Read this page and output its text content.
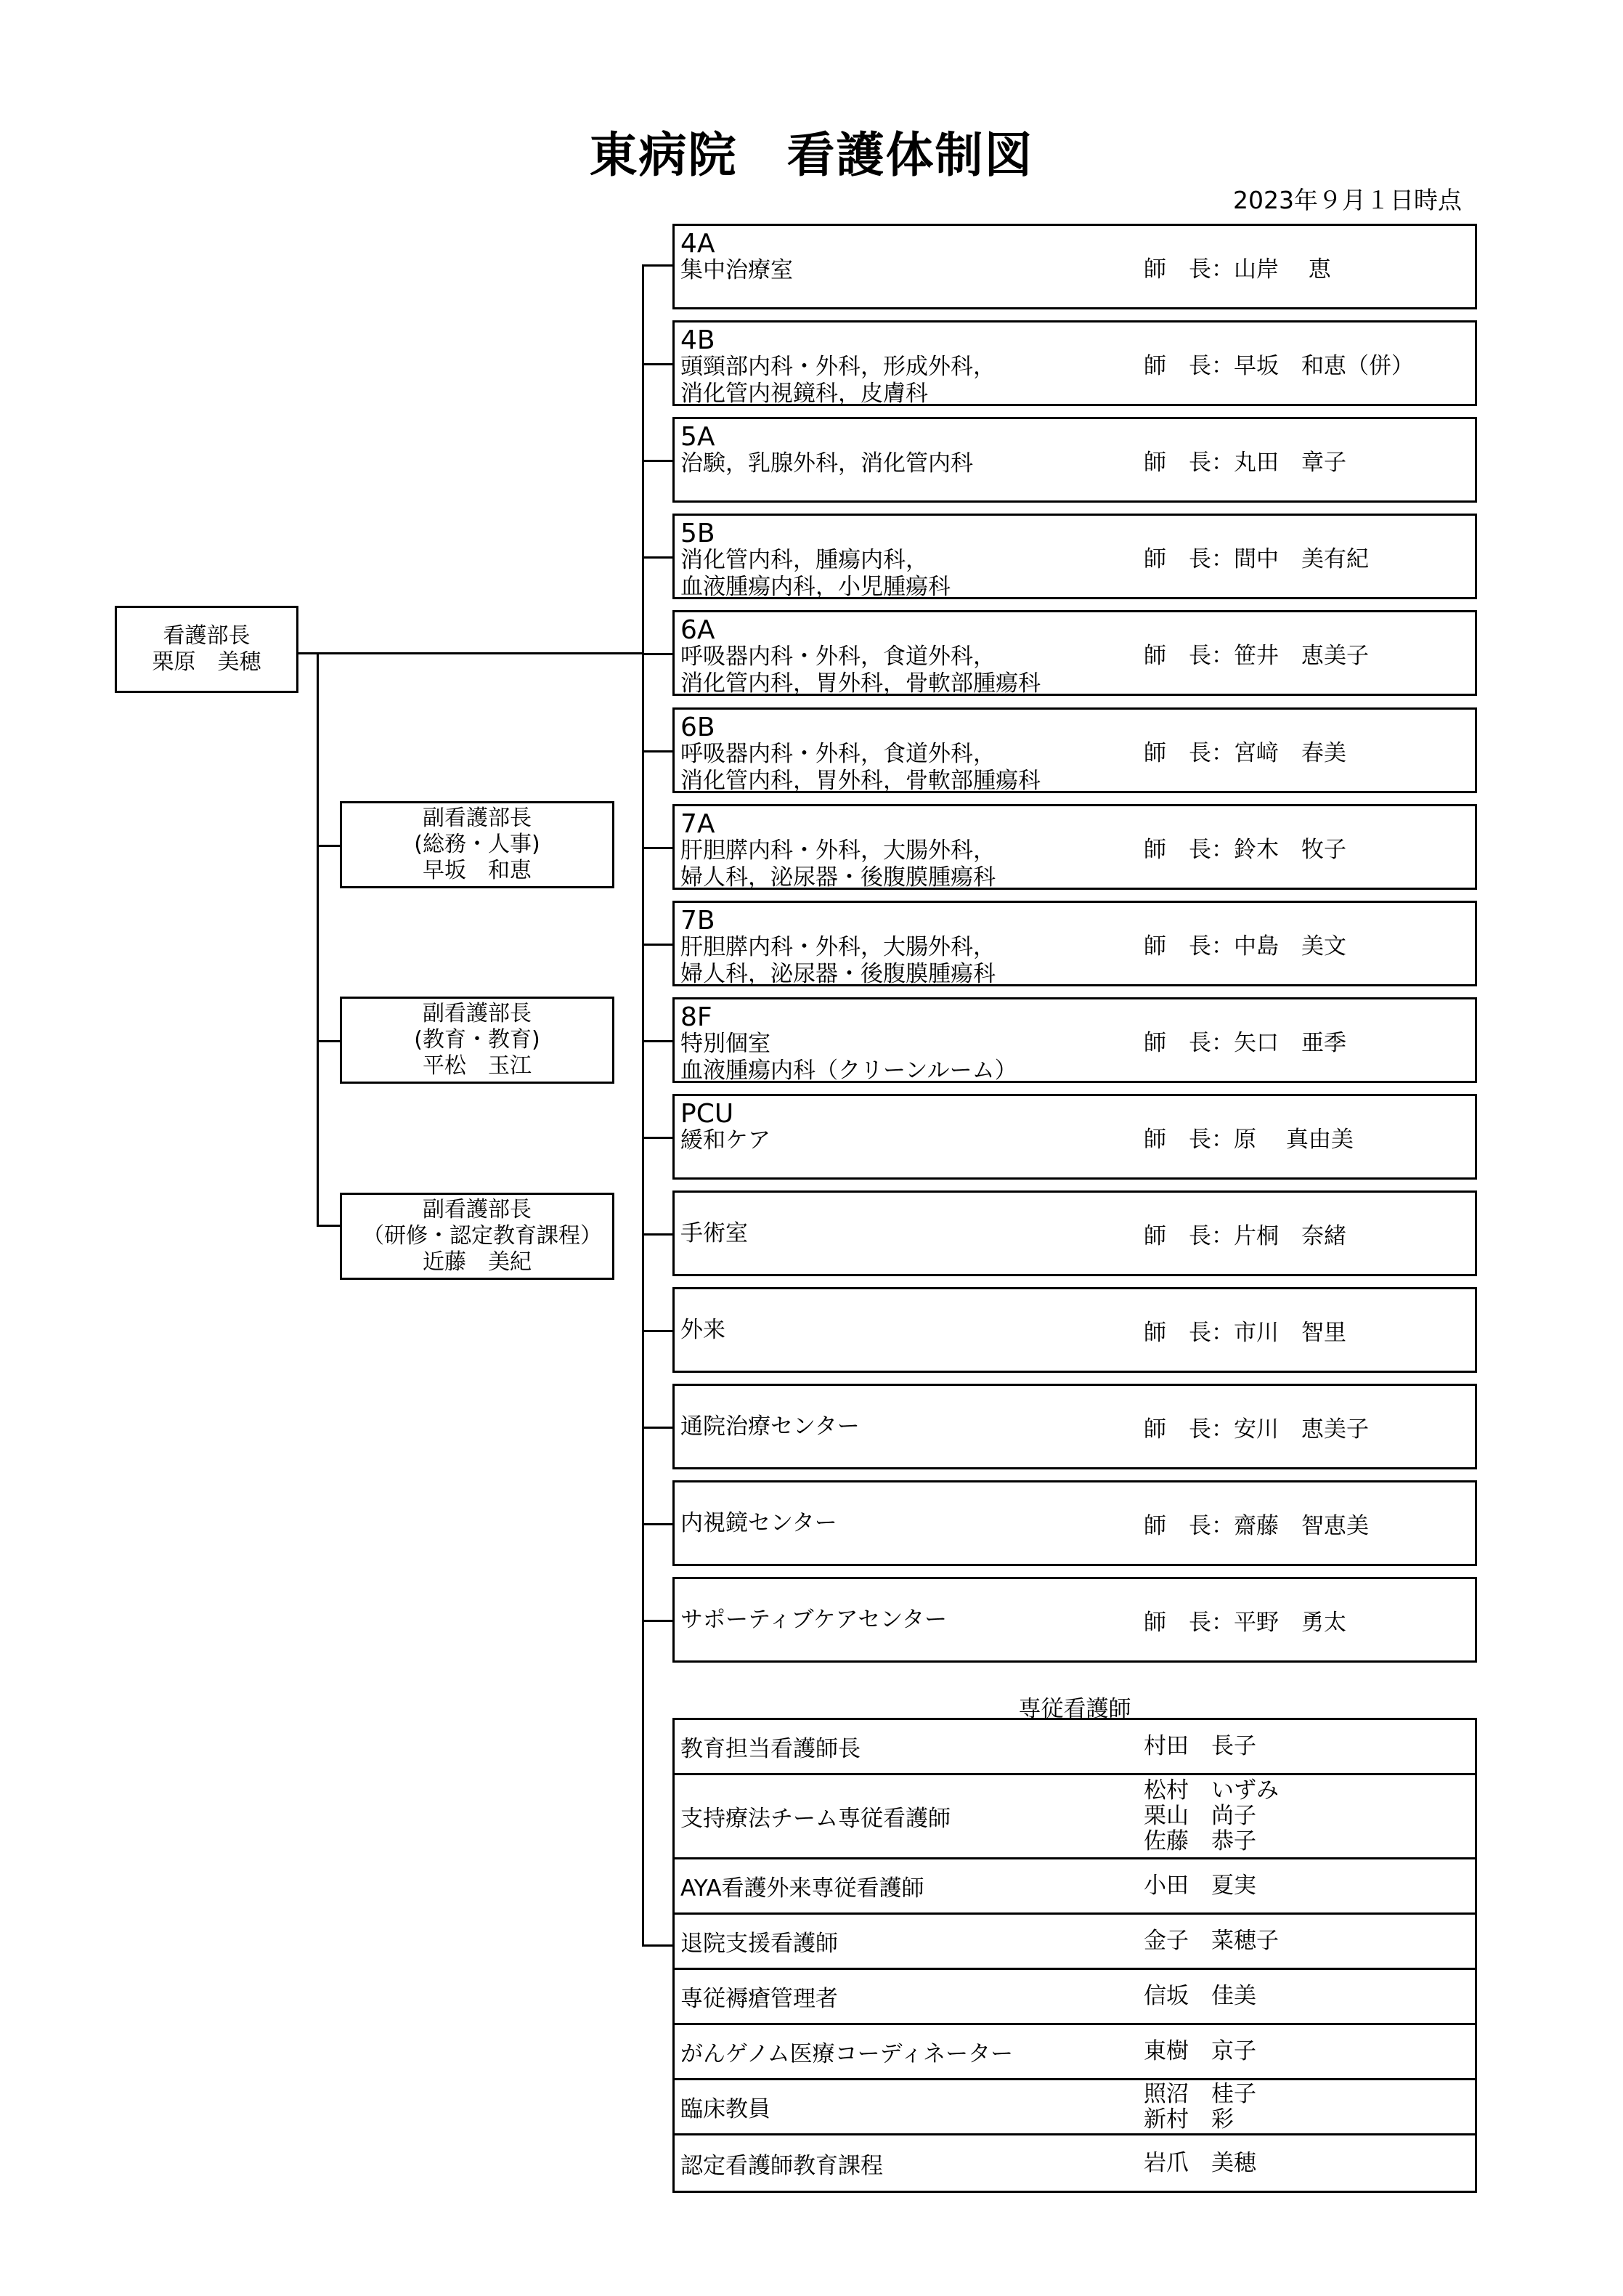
東病院　看護体制図
2023年９月１日時点
看護部長
栗原　美穂
副看護部長
(総務・人事)
早坂　和恵
副看護部長
(教育・教育)
平松　玉江
副看護部長
（研修・認定教育課程）
近藤　美紀
4A
集中治療室	師　長：山岸　 恵
4B
頭頸部内科・外科，形成外科，
消化管内視鏡科，皮膚科
師　長：早坂　和恵（併）
5A
治験，乳腺外科，消化管内科	師　長：丸田　章子
5B
消化管内科，腫瘍内科，
血液腫瘍内科，小児腫瘍科
師　長：間中　美有紀
6A
呼吸器内科・外科，食道外科，
消化管内科，胃外科，骨軟部腫瘍科
師　長：笹井　恵美子
6B
呼吸器内科・外科，食道外科，
消化管内科，胃外科，骨軟部腫瘍科
師　長：宮﨑　春美
7A
肝胆膵内科・外科，大腸外科，
婦人科，泌尿器・後腹膜腫瘍科
師　長：鈴木　牧子
7B
肝胆膵内科・外科，大腸外科，
婦人科，泌尿器・後腹膜腫瘍科
師　長：中島　美文
8F
特別個室
血液腫瘍内科（クリーンルーム）
師　長：矢口　亜季
PCU
緩和ケア	師　長：原　 真由美
手術室	師　長：片桐　奈緒
外来	師　長：市川　智里
通院治療センター	師　長：安川　恵美子
内視鏡センター	師　長：齋藤　智恵美
サポーティブケアセンター	師　長：平野　勇太
専従看護師
教育担当看護師長	村田　長子
支持療法チーム専従看護師
松村　いずみ
栗山　尚子
佐藤　恭子
AYA看護外来専従看護師	小田　夏実
退院支援看護師	金子　菜穂子
専従褥瘡管理者	信坂　佳美
がんゲノム医療コーディネーター	東樹　京子
臨床教員
照沼　桂子
新村　彩
認定看護師教育課程	岩爪　美穂
